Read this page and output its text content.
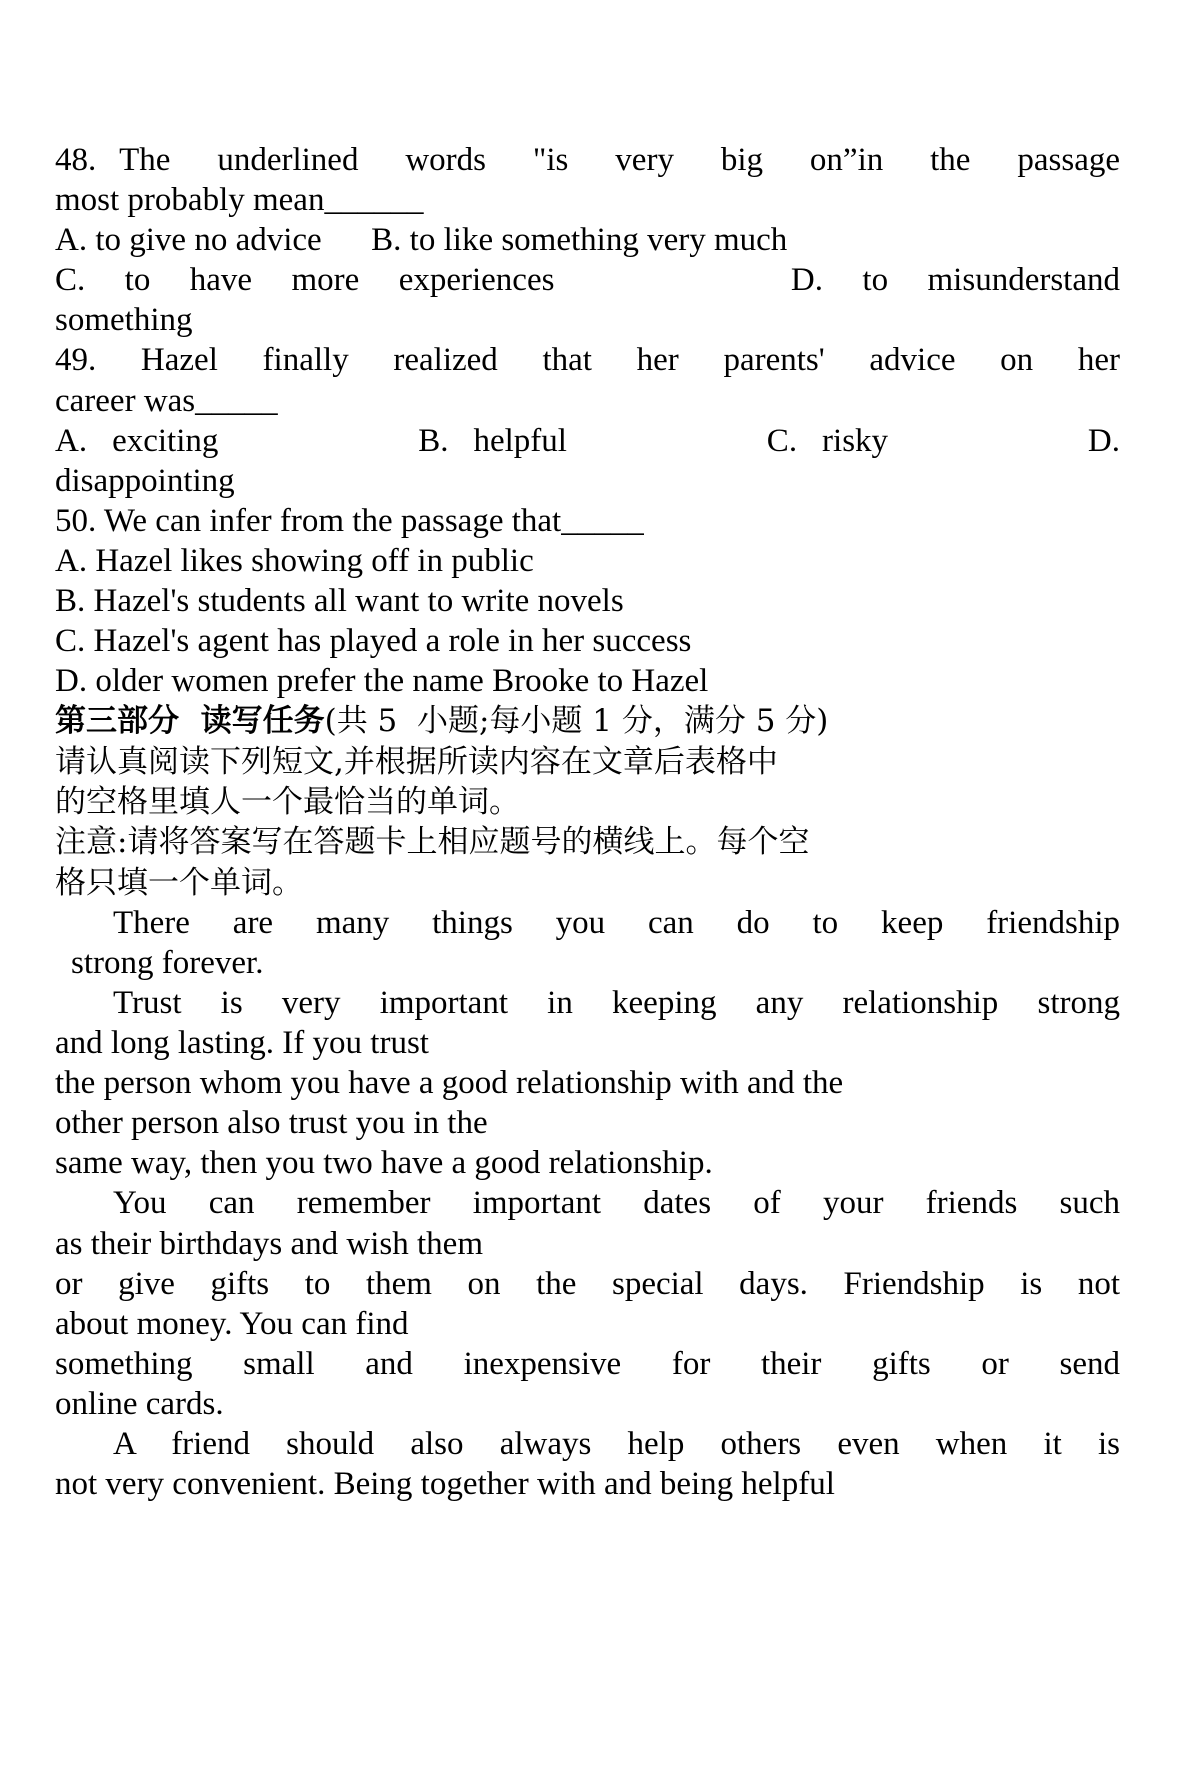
48. The  underlined  words  "is  very  big  on”in  the  passage

most probably mean______

A. to give no advice      B. to like something very much

C.  to  have  more  experiences            D.  to  misunderstand

something

49.  Hazel  finally  realized  that  her  parents'  advice  on  her

career was_____

A.  exciting                B.  helpful                C.  risky                D.

disappointing

50. We can infer from the passage that_____

A. Hazel likes showing off in public

B. Hazel's students all want to write novels

C. Hazel's agent has played a role in her success

D. older women prefer the name Brooke to Hazel

第三部分  读写任务(共 5  小题;每小题 1 分，满分 5 分)

请认真阅读下列短文,并根据所读内容在文章后表格中

的空格里填人一个最恰当的单词。

注意:请将答案写在答题卡上相应题号的横线上。每个空

格只填一个单词。

There  are  many  things  you  can  do  to  keep  friendship

strong forever.

Trust is very important in keeping any relationship strong

and long lasting. If you trust

the person whom you have a good relationship with and the

other person also trust you in the

same way, then you two have a good relationship.

You  can  remember  important  dates  of  your  friends  such

as their birthdays and wish them

or  give  gifts  to  them  on  the  special  days.  Friendship  is  not

about money. You can find

something  small  and  inexpensive  for  their  gifts  or  send

online cards.

A  friend  should  also  always  help  others  even  when  it  is

not very convenient. Being together with and being helpful
